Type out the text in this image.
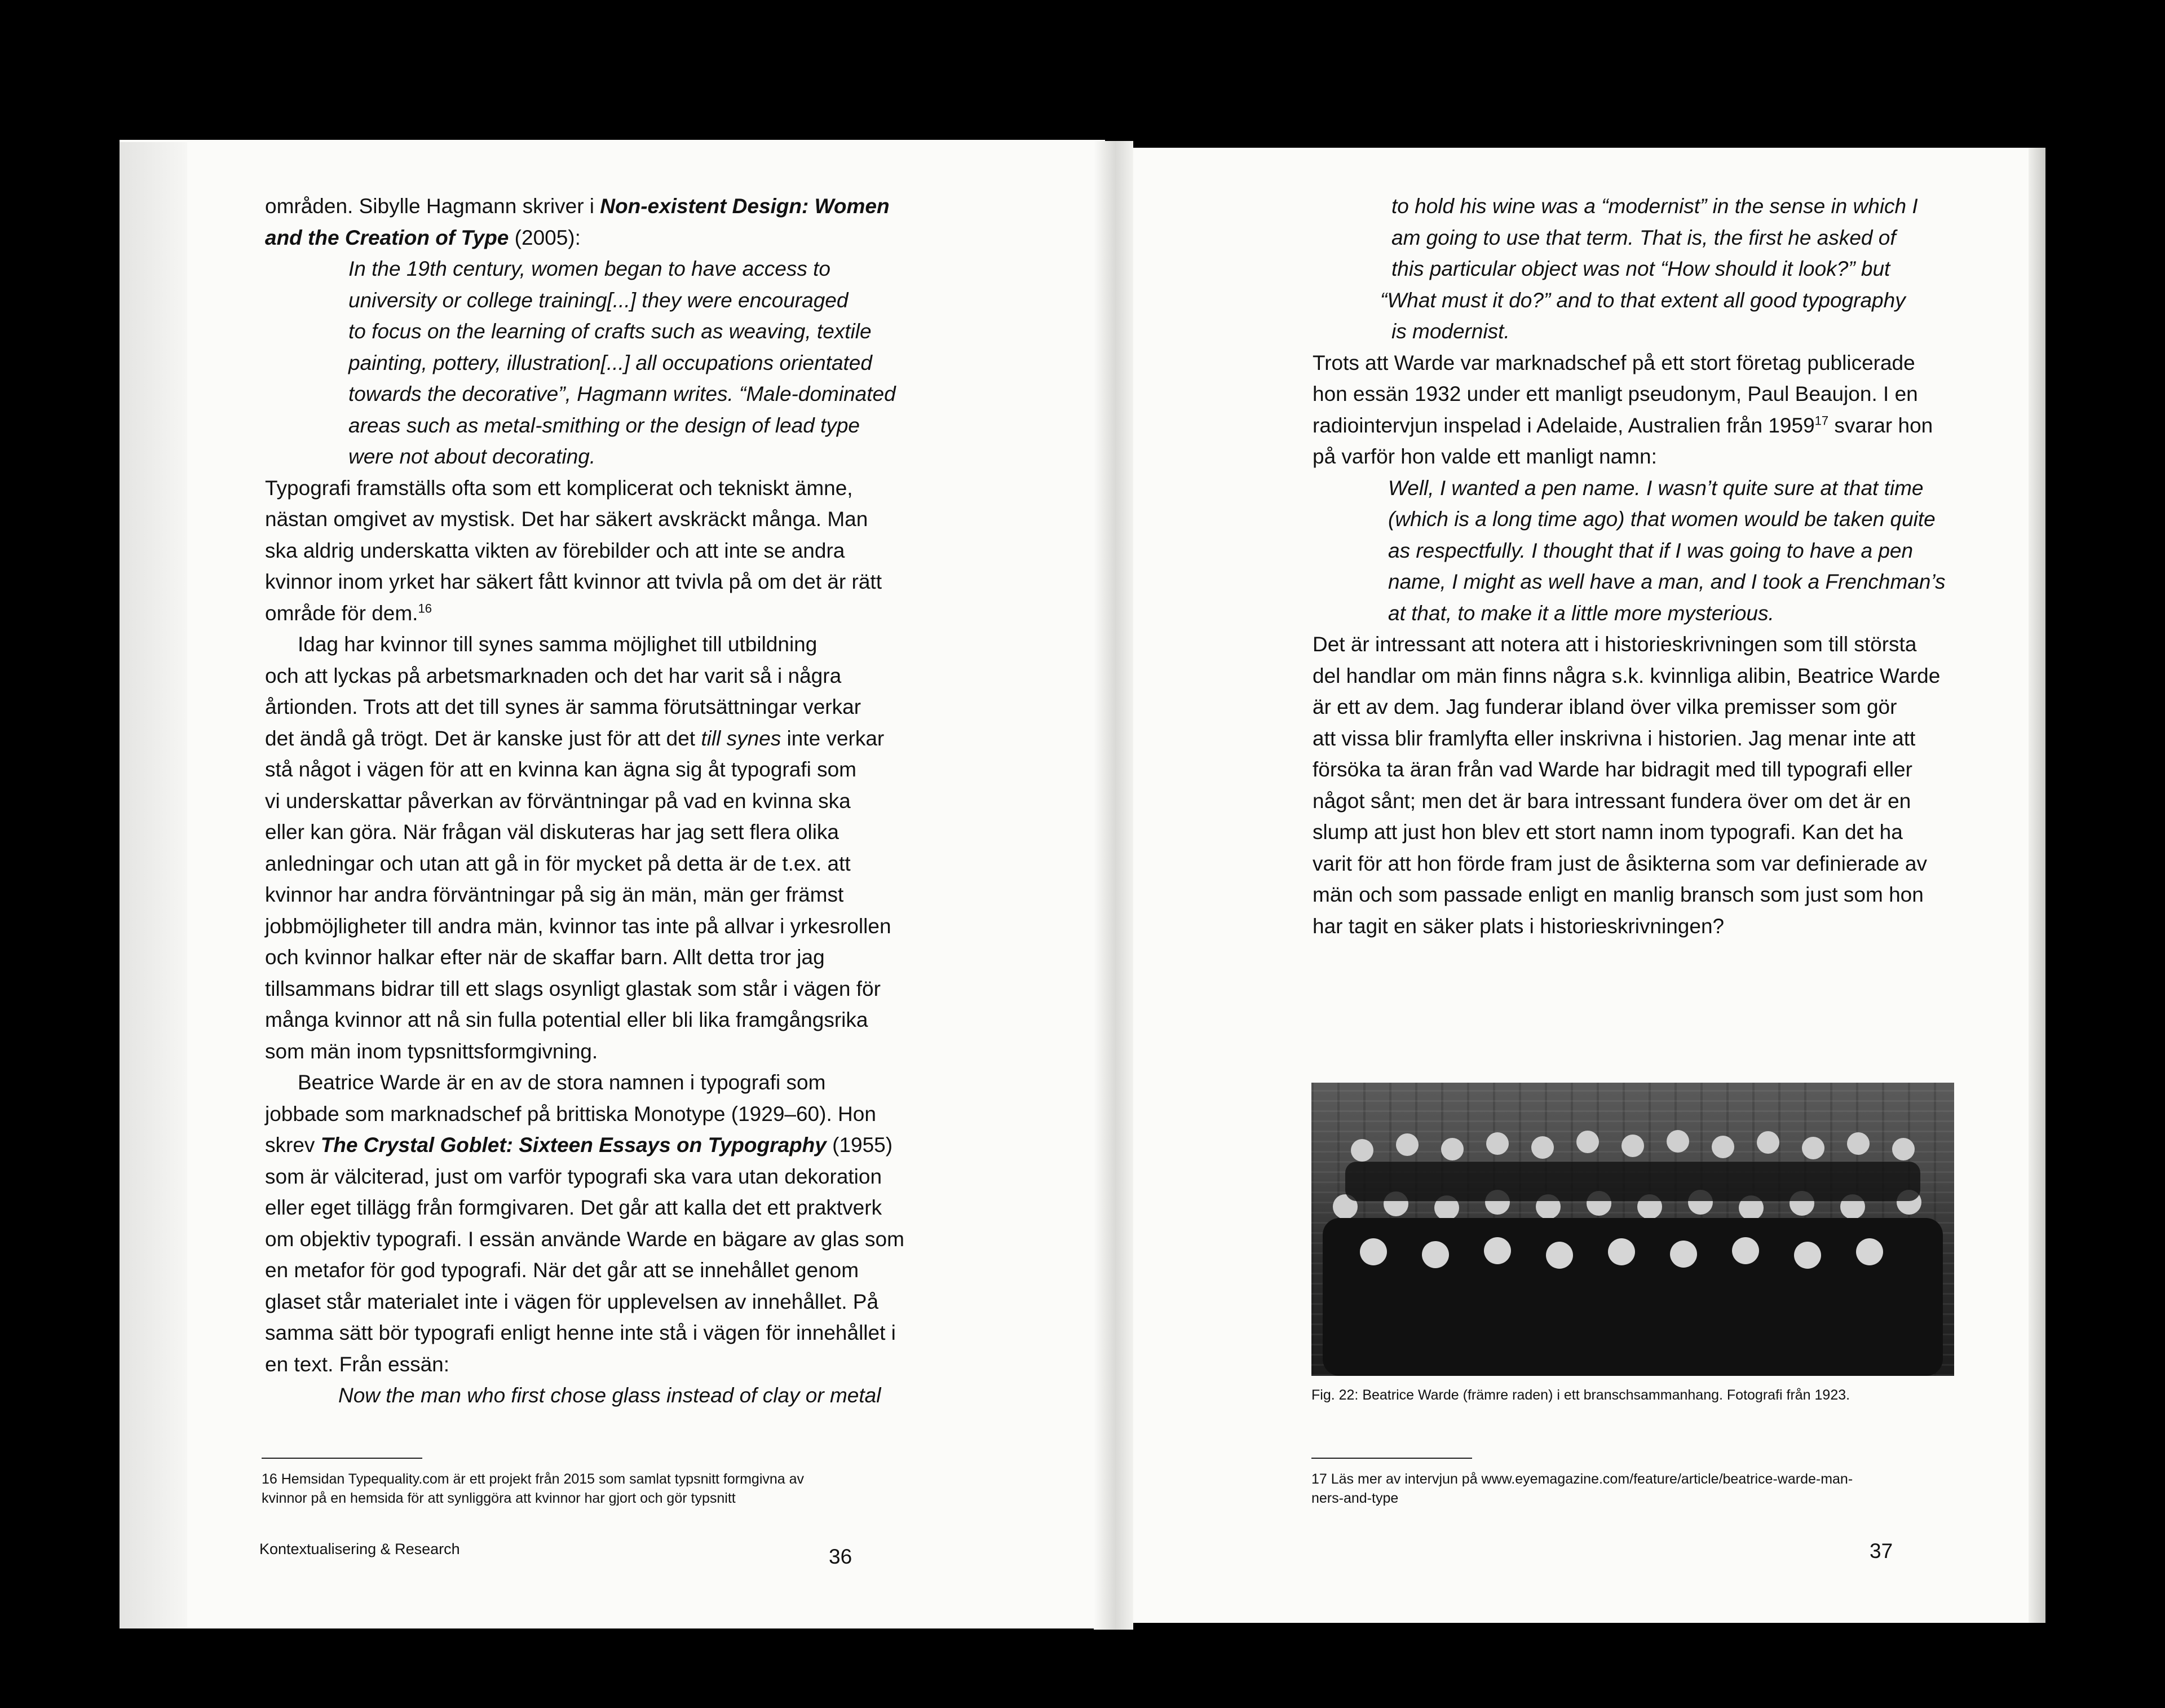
områden. Sibylle Hagmann skriver i Non-existent Design: Women
and the Creation of Type (2005):

In the 19th century, women began to have access to
university or college training[...] they were encouraged
to focus on the learning of crafts such as weaving, textile
painting, pottery, illustration[...] all occupations orientated
towards the decorative”, Hagmann writes. “Male-dominated
areas such as metal-smithing or the design of lead type
were not about decorating.
Typografi framställs ofta som ett komplicerat och tekniskt ämne,
nästan omgivet av mystisk. Det har säkert avskräckt många. Man
ska aldrig underskatta vikten av förebilder och att inte se andra
kvinnor inom yrket har säkert fått kvinnor att tvivla på om det är rätt
område för dem.$^{16}$
Idag har kvinnor till synes samma möjlighet till utbildning
och att lyckas på arbetsmarknaden och det har varit så i några
årtionden. Trots att det till synes är samma förutsättningar verkar
det ändå gå trögt. Det är kanske just för att det till synes inte verkar
stå något i vägen för att en kvinna kan ägna sig åt typografi som
vi underskattar påverkan av förväntningar på vad en kvinna ska
eller kan göra. När frågan väl diskuteras har jag sett flera olika
anledningar och utan att gå in för mycket på detta är de t.ex. att
kvinnor har andra förväntningar på sig än män, män ger främst
jobbmöjligheter till andra män, kvinnor tas inte på allvar i yrkesrollen
och kvinnor halkar efter när de skaffar barn. Allt detta tror jag
tillsammans bidrar till ett slags osynligt glastak som står i vägen för
många kvinnor att nå sin fulla potential eller bli lika framgångsrika
som män inom typsnittsformgivning.
Beatrice Warde är en av de stora namnen i typografi som
jobbade som marknadschef på brittiska Monotype (1929–60). Hon
skrev The Crystal Goblet: Sixteen Essays on Typography (1955)
som är välciterad, just om varför typografi ska vara utan dekoration
eller eget tillägg från formgivaren. Det går att kalla det ett praktverk
om objektiv typografi. I essän använde Warde en bägare av glas som
en metafor för god typografi. När det går att se innehållet genom
glaset står materialet inte i vägen för upplevelsen av innehållet. På
samma sätt bör typografi enligt henne inte stå i vägen för innehållet i
en text. Från essän:
Now the man who first chose glass instead of clay or metal
16 Hemsidan Typequality.com är ett projekt från 2015 som samlat typsnitt formgivna av
kvinnor på en hemsida för att synliggöra att kvinnor har gjort och gör typsnitt
Kontextualisering & Research	36
to hold his wine was a “modernist” in the sense in which I
am going to use that term. That is, the first he asked of
this particular object was not “How should it look?” but
“What must it do?” and to that extent all good typography
is modernist.
Trots att Warde var marknadschef på ett stort företag publicerade
hon essän 1932 under ett manligt pseudonym, Paul Beaujon. I en
radiointervjun inspelad i Adelaide, Australien från 1959$^{17}$ svarar hon
på varför hon valde ett manligt namn:
Well, I wanted a pen name. I wasn’t quite sure at that time
(which is a long time ago) that women would be taken quite
as respectfully. I thought that if I was going to have a pen
name, I might as well have a man, and I took a Frenchman’s
at that, to make it a little more mysterious.
Det är intressant att notera att i historieskrivningen som till största
del handlar om män finns några s.k. kvinnliga alibin, Beatrice Warde
är ett av dem. Jag funderar ibland över vilka premisser som gör
att vissa blir framlyfta eller inskrivna i historien. Jag menar inte att
försöka ta äran från vad Warde har bidragit med till typografi eller
något sånt; men det är bara intressant fundera över om det är en
slump att just hon blev ett stort namn inom typografi. Kan det ha
varit för att hon förde fram just de åsikterna som var definierade av
män och som passade enligt en manlig bransch som just som hon
har tagit en säker plats i historieskrivningen?
Fig. 22: Beatrice Warde (främre raden) i ett branschsammanhang. Fotografi från 1923.
17 Läs mer av intervjun på www.eyemagazine.com/feature/article/beatrice-warde-man-
ners-and-type
37
